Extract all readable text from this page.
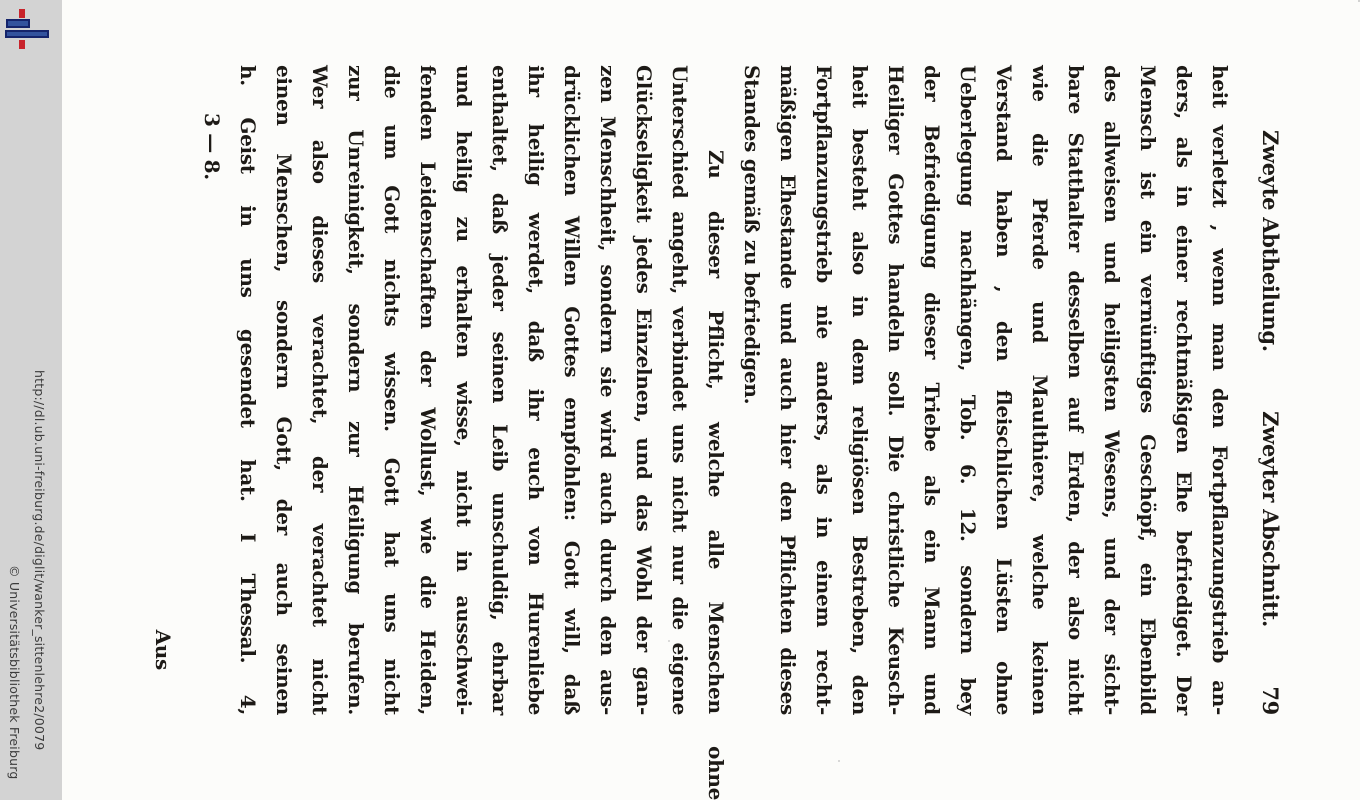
http://dl.ub.uni-freiburg.de/diglit/wanker_sittenlehre2/0079
© Universitätsbibliothek Freiburg
Zweyte Abtheilung.
Zweyter Abschnitt.
79
heit verletzt , wenn man den Fortpflanzungstrieb an-
ders, als in einer rechtmäßigen Ehe befriediget. Der
Mensch ist ein vernünftiges Geschöpf, ein Ebenbild
des allweisen und heiligsten Wesens, und der sicht-
bare Statthalter desselben auf Erden, der also nicht
wie die Pferde und Maulthiere, welche keinen
Verstand haben , den fleischlichen Lüsten ohne
Ueberlegung nachhängen, Tob. 6. 12. sondern bey
der Befriedigung dieser Triebe als ein Mann und
Heiliger Gottes handeln soll. Die christliche Keusch-
heit besteht also in dem religiösen Bestreben, den
Fortpflanzungstrieb nie anders, als in einem recht-
mäßigen Ehestande und auch hier den Pflichten dieses
Standes gemäß zu befriedigen.
Zu dieser Pflicht, welche alle Menschen ohne
Unterschied angeht, verbindet uns nicht nur die eigene
Glückseligkeit jedes Einzelnen, und das Wohl der gan-
zen Menschheit, sondern sie wird auch durch den aus-
drücklichen Willen Gottes empfohlen: Gott will, daß
ihr heilig werdet, daß ihr euch von Hurenliebe
enthaltet, daß jeder seinen Leib unschuldig, ehrbar
und heilig zu erhalten wisse, nicht in ausschwei-
fenden Leidenschaften der Wollust, wie die Heiden,
die um Gott nichts wissen. Gott hat uns nicht
zur Unreinigkeit, sondern zur Heiligung berufen.
Wer also dieses verachtet, der verachtet nicht
einen Menschen, sondern Gott, der auch seinen
h. Geist in uns gesendet hat. I Thessal. 4,
3 — 8.
Aus
